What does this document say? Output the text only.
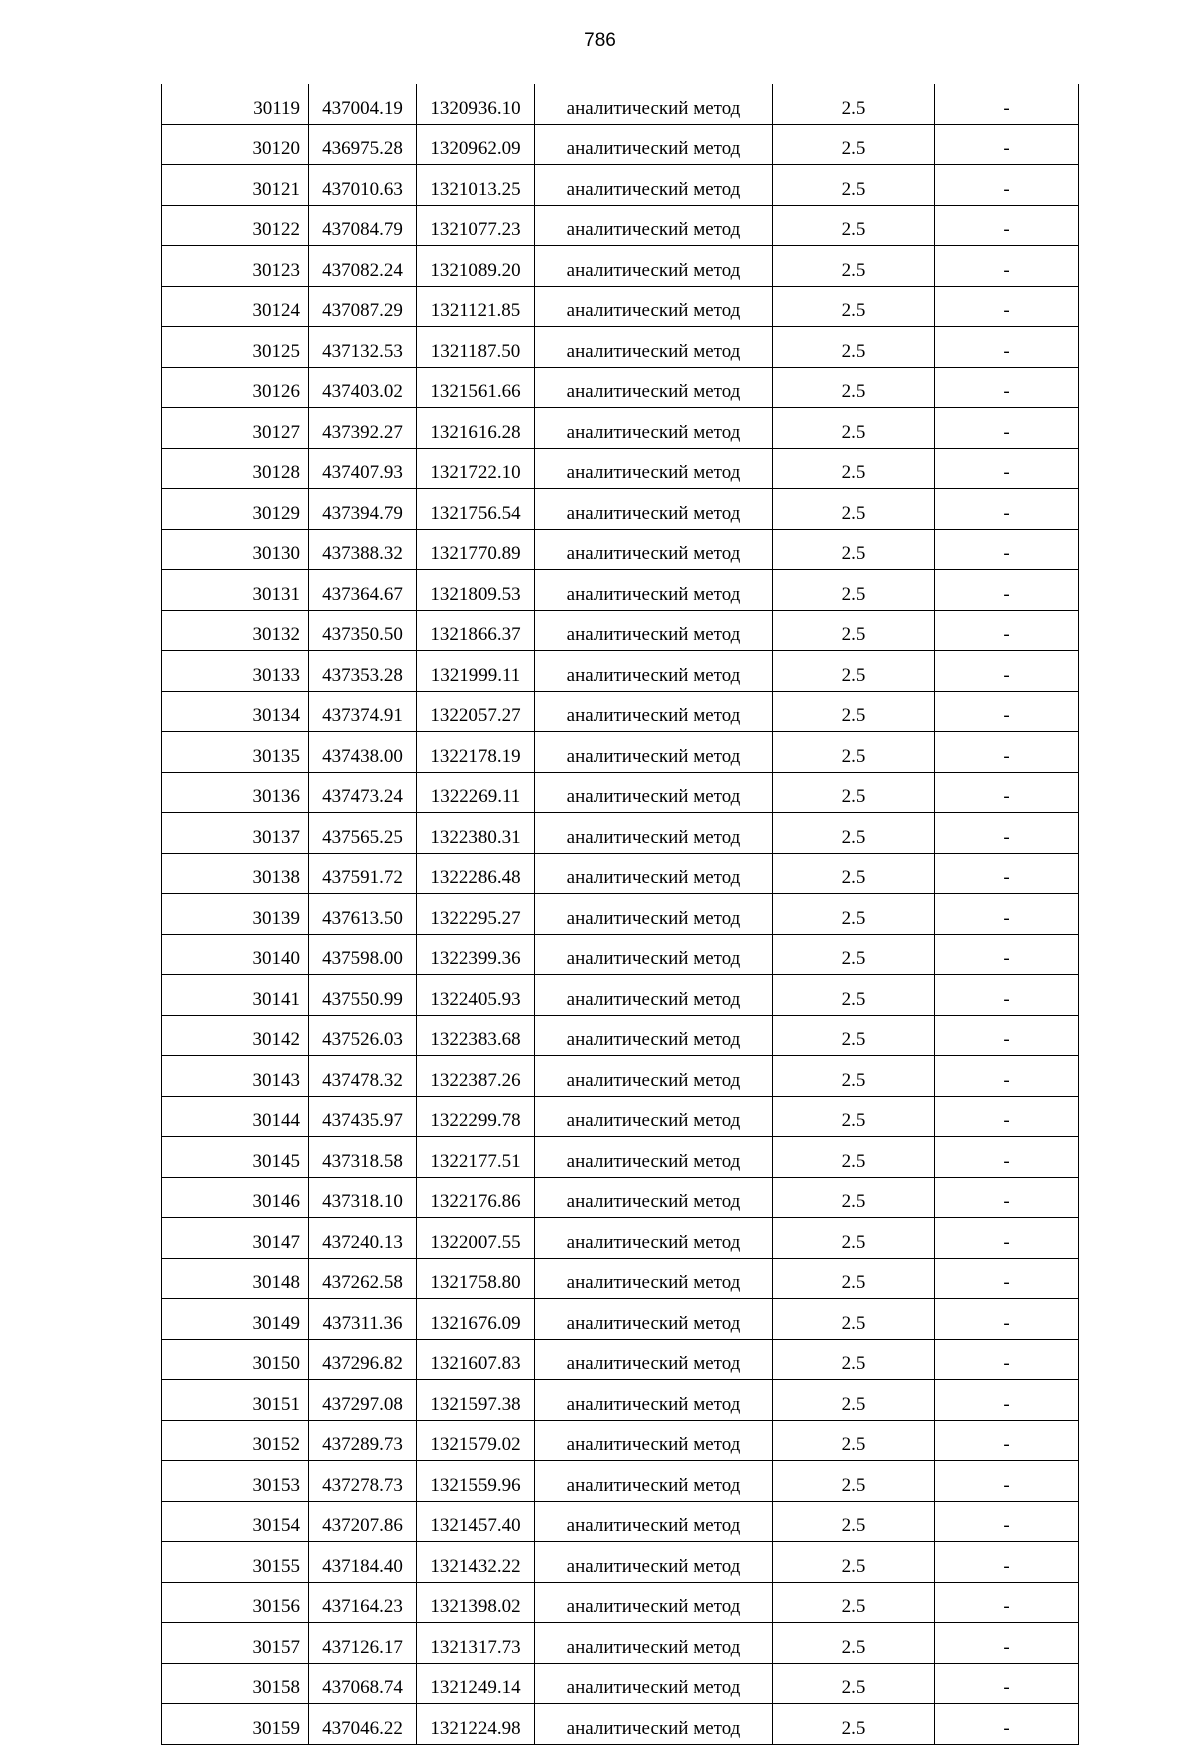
786
30119	437004.19	1320936.10	аналитический метод	2.5	-
30120	436975.28	1320962.09	аналитический метод	2.5	-
30121	437010.63	1321013.25	аналитический метод	2.5	-
30122	437084.79	1321077.23	аналитический метод	2.5	-
30123	437082.24	1321089.20	аналитический метод	2.5	-
30124	437087.29	1321121.85	аналитический метод	2.5	-
30125	437132.53	1321187.50	аналитический метод	2.5	-
30126	437403.02	1321561.66	аналитический метод	2.5	-
30127	437392.27	1321616.28	аналитический метод	2.5	-
30128	437407.93	1321722.10	аналитический метод	2.5	-
30129	437394.79	1321756.54	аналитический метод	2.5	-
30130	437388.32	1321770.89	аналитический метод	2.5	-
30131	437364.67	1321809.53	аналитический метод	2.5	-
30132	437350.50	1321866.37	аналитический метод	2.5	-
30133	437353.28	1321999.11	аналитический метод	2.5	-
30134	437374.91	1322057.27	аналитический метод	2.5	-
30135	437438.00	1322178.19	аналитический метод	2.5	-
30136	437473.24	1322269.11	аналитический метод	2.5	-
30137	437565.25	1322380.31	аналитический метод	2.5	-
30138	437591.72	1322286.48	аналитический метод	2.5	-
30139	437613.50	1322295.27	аналитический метод	2.5	-
30140	437598.00	1322399.36	аналитический метод	2.5	-
30141	437550.99	1322405.93	аналитический метод	2.5	-
30142	437526.03	1322383.68	аналитический метод	2.5	-
30143	437478.32	1322387.26	аналитический метод	2.5	-
30144	437435.97	1322299.78	аналитический метод	2.5	-
30145	437318.58	1322177.51	аналитический метод	2.5	-
30146	437318.10	1322176.86	аналитический метод	2.5	-
30147	437240.13	1322007.55	аналитический метод	2.5	-
30148	437262.58	1321758.80	аналитический метод	2.5	-
30149	437311.36	1321676.09	аналитический метод	2.5	-
30150	437296.82	1321607.83	аналитический метод	2.5	-
30151	437297.08	1321597.38	аналитический метод	2.5	-
30152	437289.73	1321579.02	аналитический метод	2.5	-
30153	437278.73	1321559.96	аналитический метод	2.5	-
30154	437207.86	1321457.40	аналитический метод	2.5	-
30155	437184.40	1321432.22	аналитический метод	2.5	-
30156	437164.23	1321398.02	аналитический метод	2.5	-
30157	437126.17	1321317.73	аналитический метод	2.5	-
30158	437068.74	1321249.14	аналитический метод	2.5	-
30159	437046.22	1321224.98	аналитический метод	2.5	-
